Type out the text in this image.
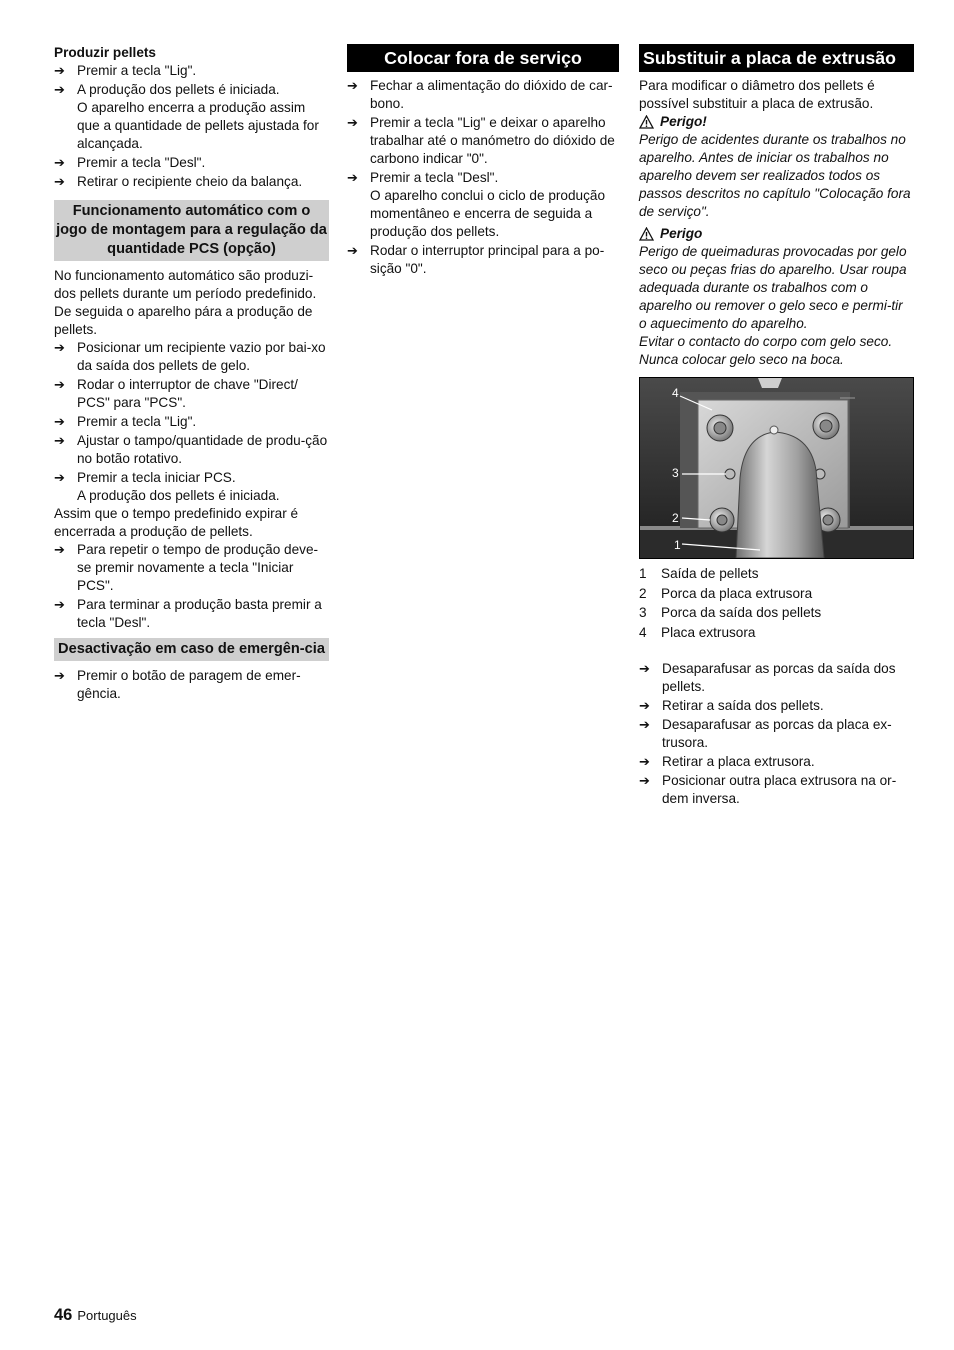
Produzir pellets

➔ Premir a tecla "Lig".
➔ A produção dos pellets é iniciada.

O aparelho encerra a produção assim que a quantidade de pellets ajustada for alcançada.

➔ Premir a tecla "Desl".
➔ Retirar o recipiente cheio da balança.
Funcionamento automático com o jogo de montagem para a regulação da quantidade PCS (opção)

No funcionamento automático são produzi-dos pellets durante um período predefinido. De seguida o aparelho pára a produção de pellets.

➔ Posicionar um recipiente vazio por bai-xo da saída dos pellets de gelo.
➔ Rodar o interruptor de chave "Direct/ PCS" para "PCS".
➔ Premir a tecla "Lig".
➔ Ajustar o tampo/quantidade de produ-ção no botão rotativo.
➔ Premir a tecla iniciar PCS.

A produção dos pellets é iniciada.

Assim que o tempo predefinido expirar é encerrada a produção de pellets.

➔ Para repetir o tempo de produção deve-se premir novamente a tecla "Iniciar PCS".
➔ Para terminar a produção basta premir a tecla "Desl".
Desactivação em caso de emergên-cia
➔ Premir o botão de paragem de emer-gência.
Colocar fora de serviço
➔ Fechar a alimentação do dióxido de car-bono.
➔ Premir a tecla "Lig" e deixar o aparelho trabalhar até o manómetro do dióxido de carbono indicar "0".
➔ Premir a tecla "Desl".

O aparelho conclui o ciclo de produção momentâneo e encerra de seguida a produção dos pellets.

➔ Rodar o interruptor principal para a po-sição "0".
Substituir a placa de extrusão

Para modificar o diâmetro dos pellets é possível substituir a placa de extrusão.

Perigo!

Perigo de acidentes durante os trabalhos no aparelho. Antes de iniciar os trabalhos no aparelho devem ser realizados todos os passos descritos no capítulo "Colocação fora de serviço".

Perigo

Perigo de queimaduras provocadas por gelo seco ou peças frias do aparelho. Usar roupa adequada durante os trabalhos com o aparelho ou remover o gelo seco e permi-tir o aquecimento do aparelho.

Evitar o contacto do corpo com gelo seco. Nunca colocar gelo seco na boca.

4
3
2
1
1	Saída de pellets
2	Porca da placa extrusora
3	Porca da saída dos pellets
4	Placa extrusora
➔ Desaparafusar as porcas da saída dos pellets.
➔ Retirar a saída dos pellets.
➔ Desaparafusar as porcas da placa ex-trusora.
➔ Retirar a placa extrusora.
➔ Posicionar outra placa extrusora na or-dem inversa.
46 Português
